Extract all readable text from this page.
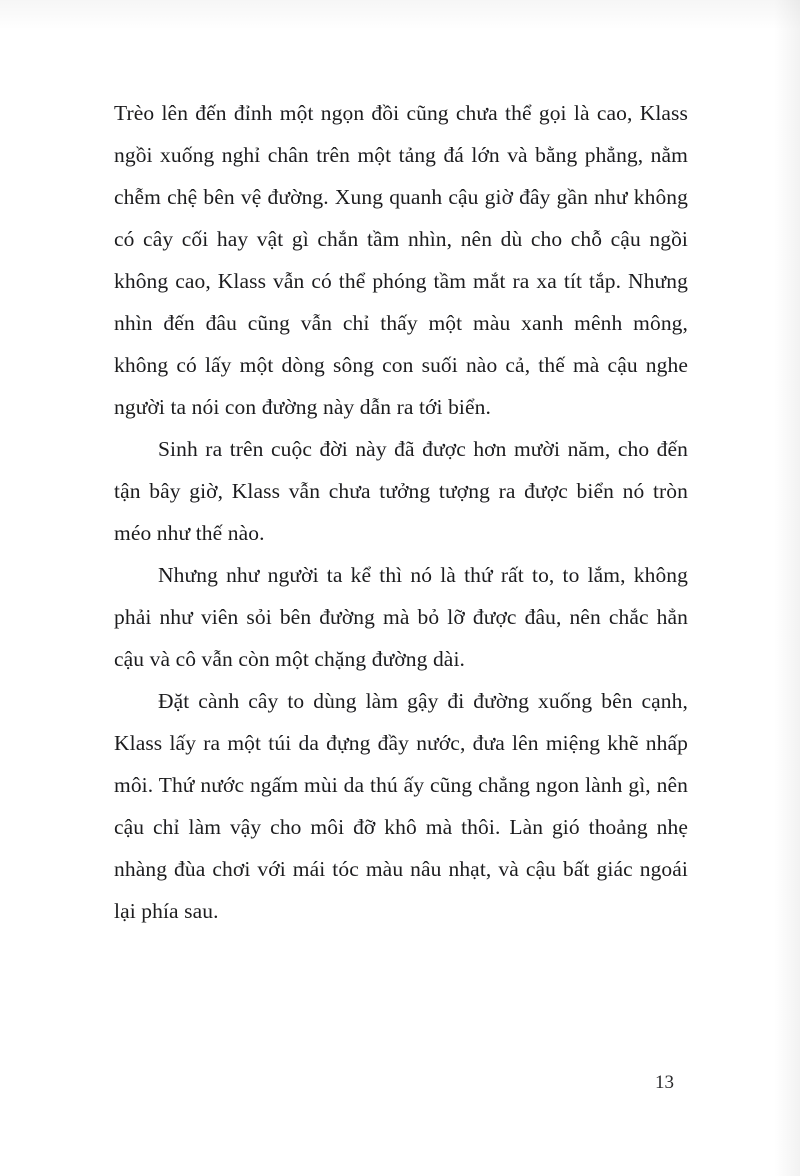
Trèo lên đến đỉnh một ngọn đồi cũng chưa thể gọi là cao, Klass ngồi xuống nghỉ chân trên một tảng đá lớn và bằng phẳng, nằm chễm chệ bên vệ đường. Xung quanh cậu giờ đây gần như không có cây cối hay vật gì chắn tầm nhìn, nên dù cho chỗ cậu ngồi không cao, Klass vẫn có thể phóng tầm mắt ra xa tít tắp. Nhưng nhìn đến đâu cũng vẫn chỉ thấy một màu xanh mênh mông, không có lấy một dòng sông con suối nào cả, thế mà cậu nghe người ta nói con đường này dẫn ra tới biển.

Sinh ra trên cuộc đời này đã được hơn mười năm, cho đến tận bây giờ, Klass vẫn chưa tưởng tượng ra được biển nó tròn méo như thế nào.

Nhưng như người ta kể thì nó là thứ rất to, to lắm, không phải như viên sỏi bên đường mà bỏ lỡ được đâu, nên chắc hẳn cậu và cô vẫn còn một chặng đường dài.

Đặt cành cây to dùng làm gậy đi đường xuống bên cạnh, Klass lấy ra một túi da đựng đầy nước, đưa lên miệng khẽ nhấp môi. Thứ nước ngấm mùi da thú ấy cũng chẳng ngon lành gì, nên cậu chỉ làm vậy cho môi đỡ khô mà thôi. Làn gió thoảng nhẹ nhàng đùa chơi với mái tóc màu nâu nhạt, và cậu bất giác ngoái lại phía sau.

13
